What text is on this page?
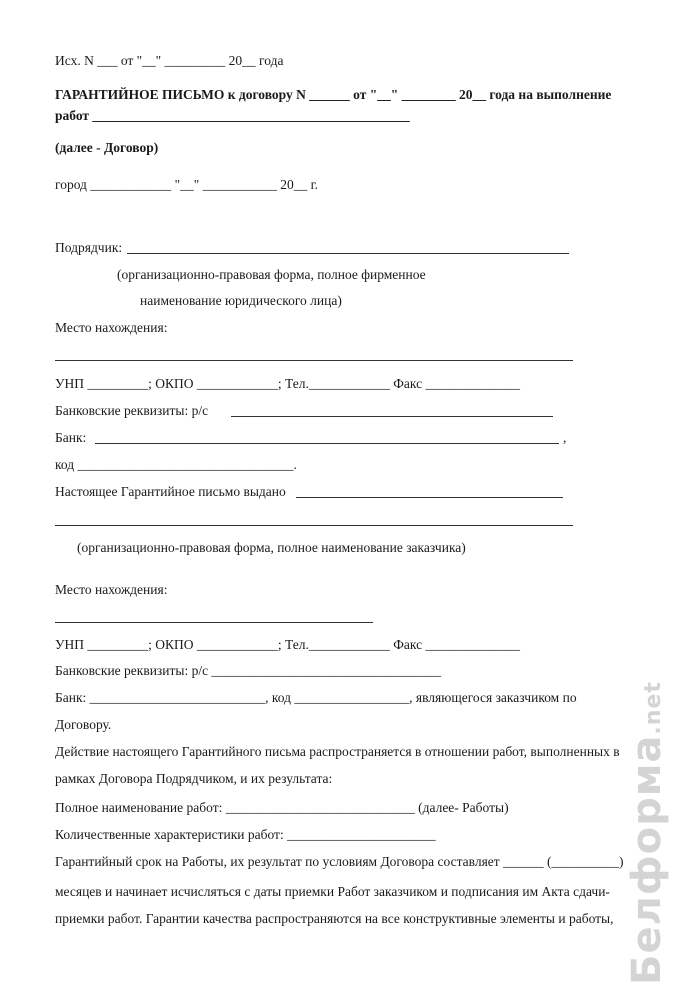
Исх. N ___ от "__" _________ 20__ года
ГАРАНТИЙНОЕ ПИСЬМО к договору N ______ от "__" ________ 20__ года на выполнение
работ _______________________________________________
(далее - Договор)
город ____________ "__" ___________ 20__ г.
Подрядчик:
(организационно-правовая форма, полное фирменное
наименование юридического лица)
Место нахождения:
УНП _________; ОКПО ____________; Тел.____________ Факс ______________
Банковские реквизиты: р/с
Банк:	,
код ________________________________.
Настоящее Гарантийное письмо выдано
(организационно-правовая форма, полное наименование заказчика)
Место нахождения:
УНП _________; ОКПО ____________; Тел.____________ Факс ______________
Банковские реквизиты: р/с __________________________________
Банк: __________________________, код _________________, являющегося заказчиком по
Договору.
Действие настоящего Гарантийного письма распространяется в отношении работ, выполненных в
рамках Договора Подрядчиком, и их результата:
Полное наименование работ: ____________________________ (далее- Работы)
Количественные характеристики работ: ______________________
Гарантийный срок на Работы, их результат по условиям Договора составляет ______ (__________)
месяцев и начинает исчисляться с даты приемки Работ заказчиком и подписания им Акта сдачи-
приемки работ. Гарантии качества распространяются на все конструктивные элементы и работы, Белформа.net
